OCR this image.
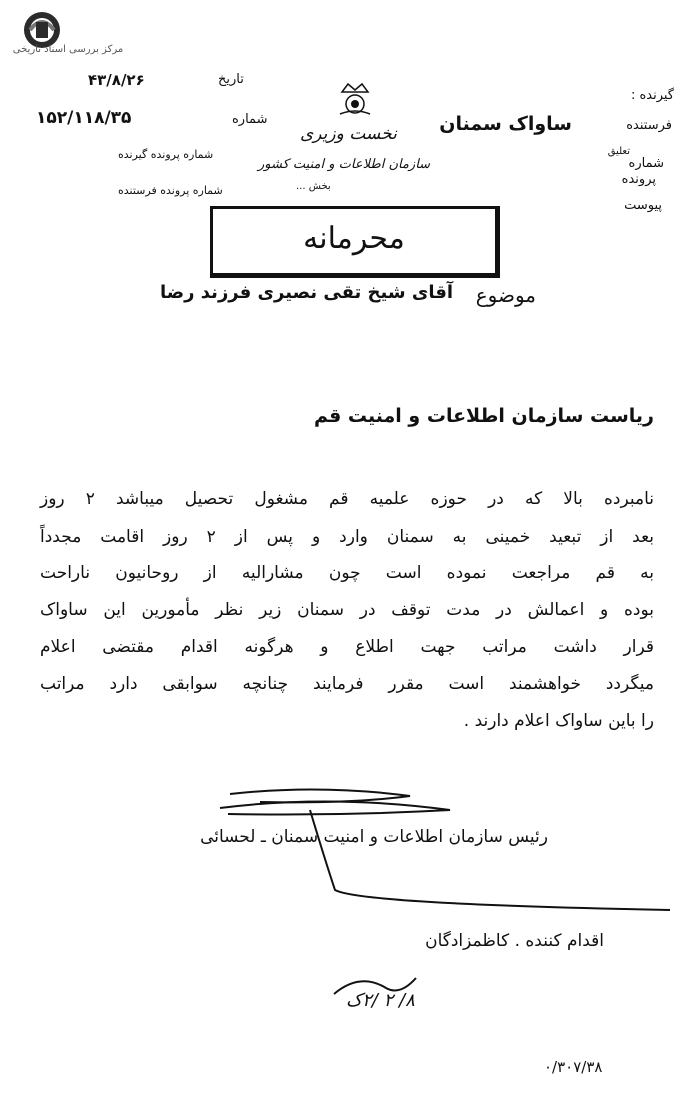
مرکز بررسی اسناد تاریخی
گیرنده :
فرستنده
تعلیق
شماره
پرونده
پیوست
ساواک سمنان
نخست وزیری
سازمان اطلاعات و امنیت کشور
بخش ...
۴۳/۸/۲۶	تاریخ
۱۵۲/۱۱۸/۳۵	شماره
شماره پرونده گیرنده
شماره پرونده فرستنده
محرمانه
موضوع
آقای شیخ تقی نصیری فرزند رضا
ریاست سازمان اطلاعات و امنیت قم
نامبرده بالا که در حوزه علمیه قم مشغول تحصیل میباشد ۲ روز
بعد از تبعید خمینی به سمنان وارد و پس از ۲ روز اقامت مجدداً
به قم مراجعت نموده است چون مشارالیه از روحانیون ناراحت
بوده و اعمالش در مدت توقف در سمنان زیر نظر مأمورین این ساواک
قرار داشت مراتب جهت اطلاع و هرگونه اقدام مقتضی اعلام
میگردد خواهشمند است مقرر فرمایند چنانچه سوابقی دارد مراتب
را باین ساواک اعلام دارند .
رئیس سازمان اطلاعات و امنیت سمنان ـ لحسائی
اقدام کننده . کاظمزادگان
۸/ ۲ /۲ک
۰/۳۰۷/۳۸
